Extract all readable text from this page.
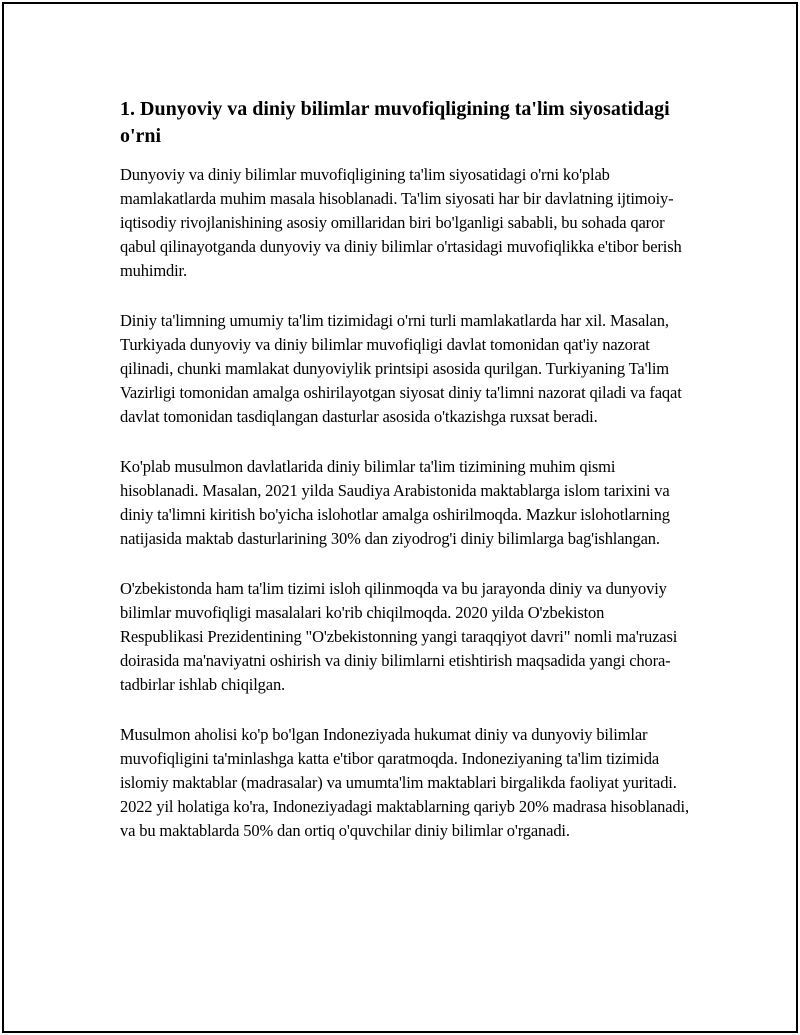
1. Dunyoviy va diniy bilimlar muvofiqligining ta'lim siyosatidagi o'rni

Dunyoviy va diniy bilimlar muvofiqligining ta'lim siyosatidagi o'rni ko'plab mamlakatlarda muhim masala hisoblanadi. Ta'lim siyosati har bir davlatning ijtimoiy-iqtisodiy rivojlanishining asosiy omillaridan biri bo'lganligi sababli, bu sohada qaror qabul qilinayotganda dunyoviy va diniy bilimlar o'rtasidagi muvofiqlikka e'tibor berish muhimdir.

Diniy ta'limning umumiy ta'lim tizimidagi o'rni turli mamlakatlarda har xil. Masalan, Turkiyada dunyoviy va diniy bilimlar muvofiqligi davlat tomonidan qat'iy nazorat qilinadi, chunki mamlakat dunyoviylik printsipi asosida qurilgan. Turkiyaning Ta'lim Vazirligi tomonidan amalga oshirilayotgan siyosat diniy ta'limni nazorat qiladi va faqat davlat tomonidan tasdiqlangan dasturlar asosida o'tkazishga ruxsat beradi.

Ko'plab musulmon davlatlarida diniy bilimlar ta'lim tizimining muhim qismi hisoblanadi. Masalan, 2021 yilda Saudiya Arabistonida maktablarga islom tarixini va diniy ta'limni kiritish bo'yicha islohotlar amalga oshirilmoqda. Mazkur islohotlarning natijasida maktab dasturlarining 30% dan ziyodrog'i diniy bilimlarga bag'ishlangan.

O'zbekistonda ham ta'lim tizimi isloh qilinmoqda va bu jarayonda diniy va dunyoviy bilimlar muvofiqligi masalalari ko'rib chiqilmoqda. 2020 yilda O'zbekiston Respublikasi Prezidentining "O'zbekistonning yangi taraqqiyot davri" nomli ma'ruzasi doirasida ma'naviyatni oshirish va diniy bilimlarni etishtirish maqsadida yangi chora-tadbirlar ishlab chiqilgan.

Musulmon aholisi ko'p bo'lgan Indoneziyada hukumat diniy va dunyoviy bilimlar muvofiqligini ta'minlashga katta e'tibor qaratmoqda. Indoneziyaning ta'lim tizimida islomiy maktablar (madrasalar) va umumta'lim maktablari birgalikda faoliyat yuritadi. 2022 yil holatiga ko'ra, Indoneziyadagi maktablarning qariyb 20% madrasa hisoblanadi, va bu maktablarda 50% dan ortiq o'quvchilar diniy bilimlar o'rganadi.
